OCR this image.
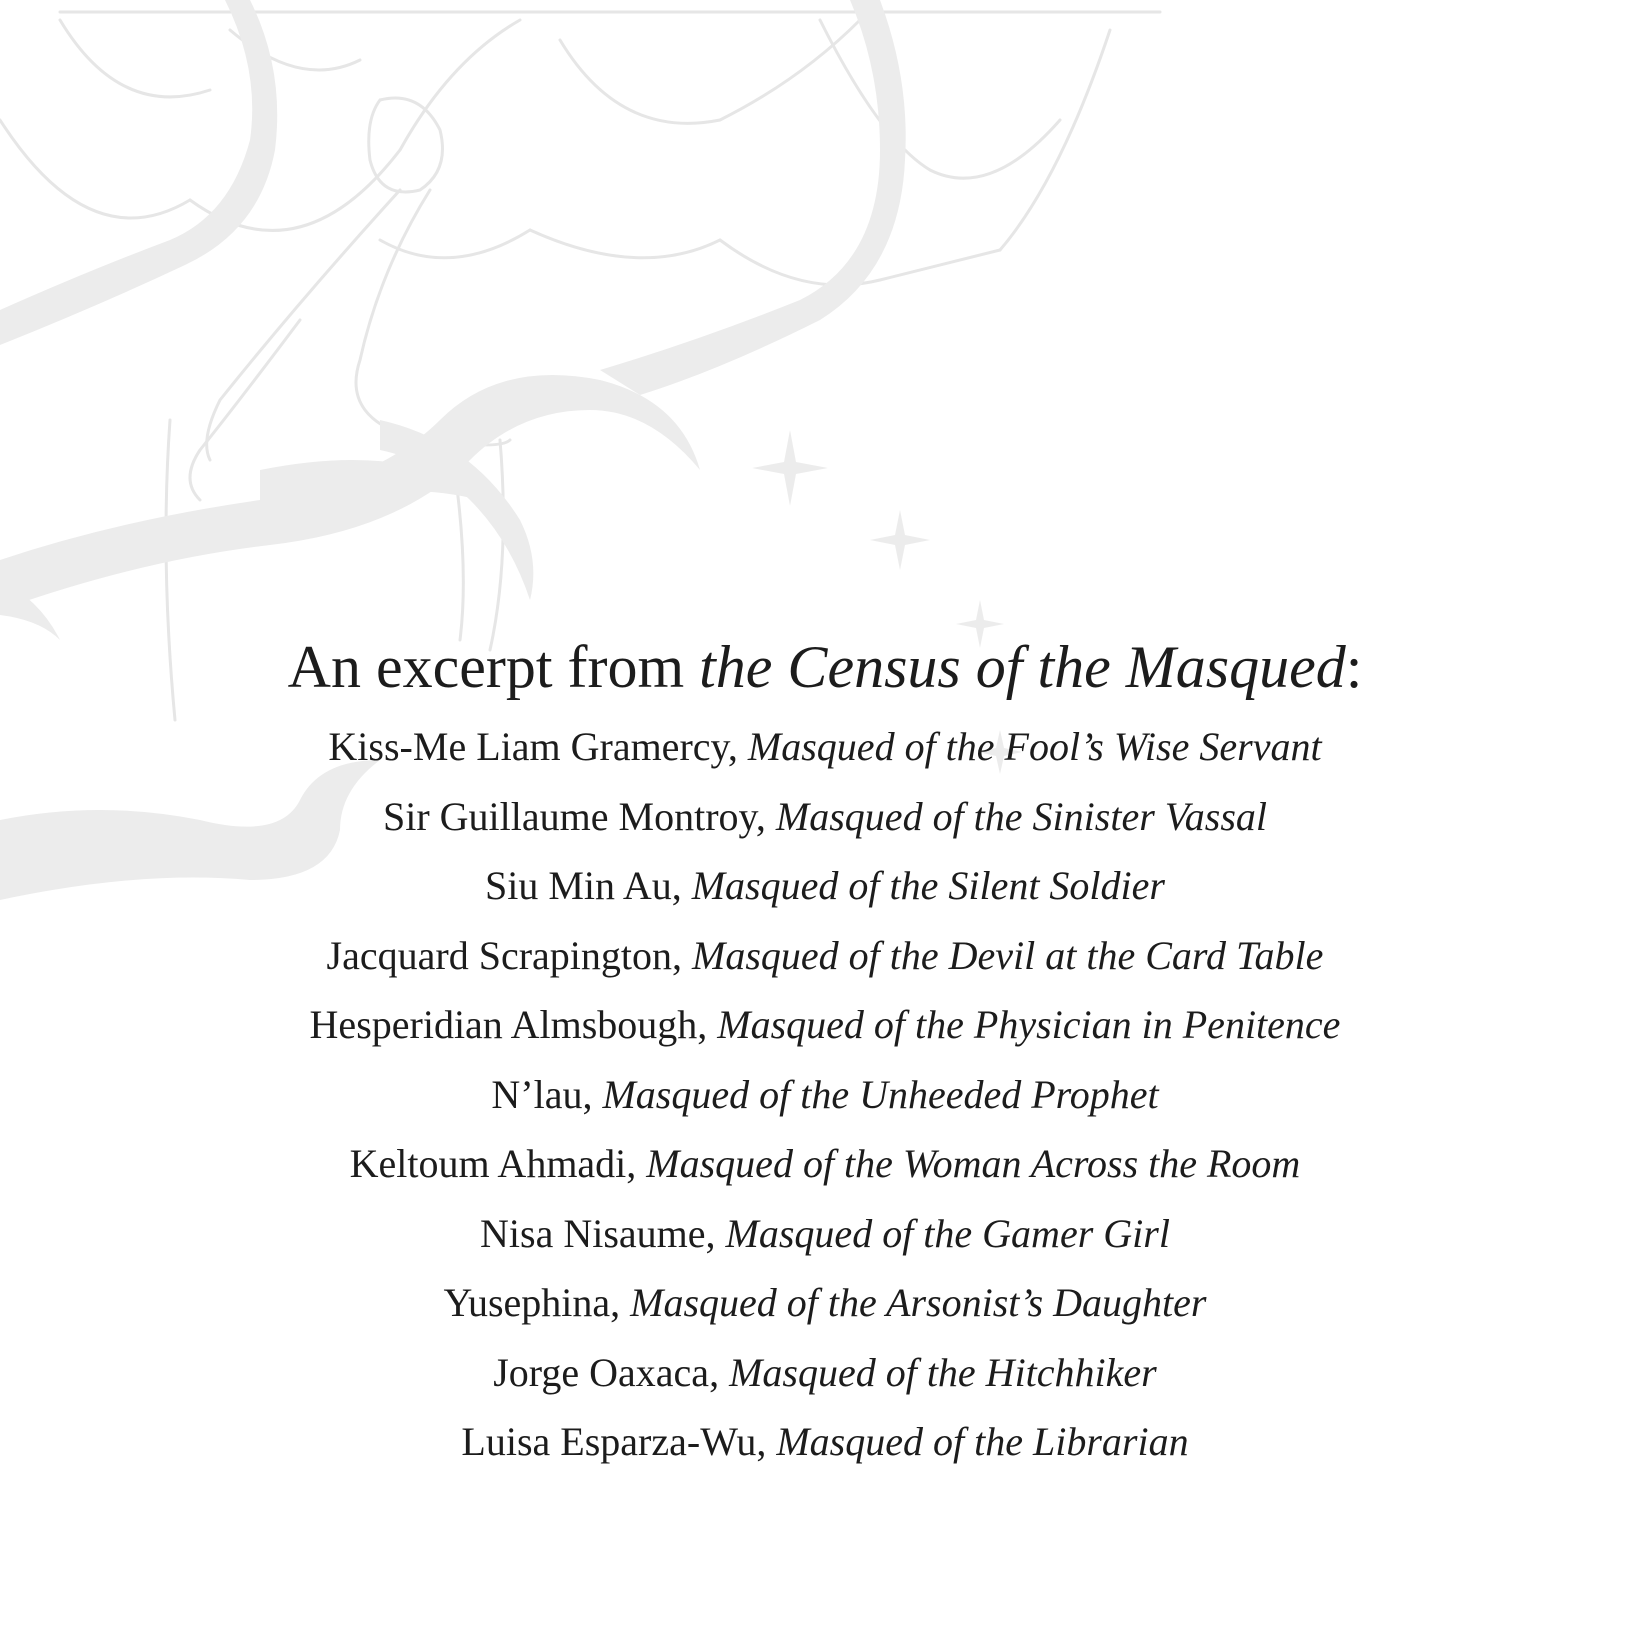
An excerpt from the Census of the Masqued:
Kiss-Me Liam Gramercy, Masqued of the Fool’s Wise Servant
Sir Guillaume Montroy, Masqued of the Sinister Vassal
Siu Min Au, Masqued of the Silent Soldier
Jacquard Scrapington, Masqued of the Devil at the Card Table
Hesperidian Almsbough, Masqued of the Physician in Penitence
N’lau, Masqued of the Unheeded Prophet
Keltoum Ahmadi, Masqued of the Woman Across the Room
Nisa Nisaume, Masqued of the Gamer Girl
Yusephina, Masqued of the Arsonist’s Daughter
Jorge Oaxaca, Masqued of the Hitchhiker
Luisa Esparza-Wu, Masqued of the Librarian
